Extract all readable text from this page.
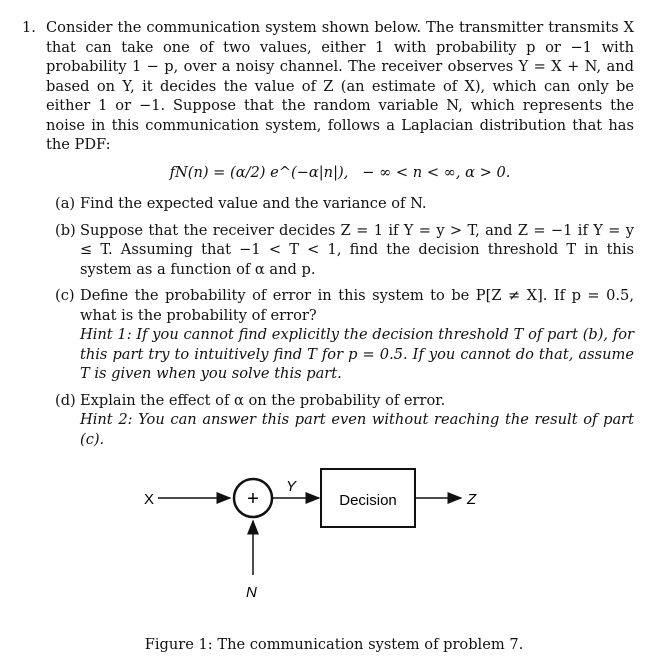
1. Consider the communication system shown below. The transmitter transmits X that can take one of two values, either 1 with probability p or −1 with probability 1 − p, over a noisy channel. The receiver observes Y = X + N, and based on Y, it decides the value of Z (an estimate of X), which can only be either 1 or −1. Suppose that the random variable N, which represents the noise in this communication system, follows a Laplacian distribution that has the PDF:
fN(n) = (α/2) e^(−α|n|),   − ∞ < n < ∞, α > 0.
(a) Find the expected value and the variance of N.
(b) Suppose that the receiver decides Z = 1 if Y = y > T, and Z = −1 if Y = y ≤ T. Assuming that −1 < T < 1, find the decision threshold T in this system as a function of α and p.
(c) Define the probability of error in this system to be P[Z ≠ X]. If p = 0.5, what is the probability of error?
Hint 1: If you cannot find explicitly the decision threshold T of part (b), for this part try to intuitively find T for p = 0.5. If you cannot do that, assume T is given when you solve this part.
(d) Explain the effect of α on the probability of error.
Hint 2: You can answer this part even without reaching the result of part (c).
X	+
N
Y
Decision	Z
Figure 1: The communication system of problem 7.
